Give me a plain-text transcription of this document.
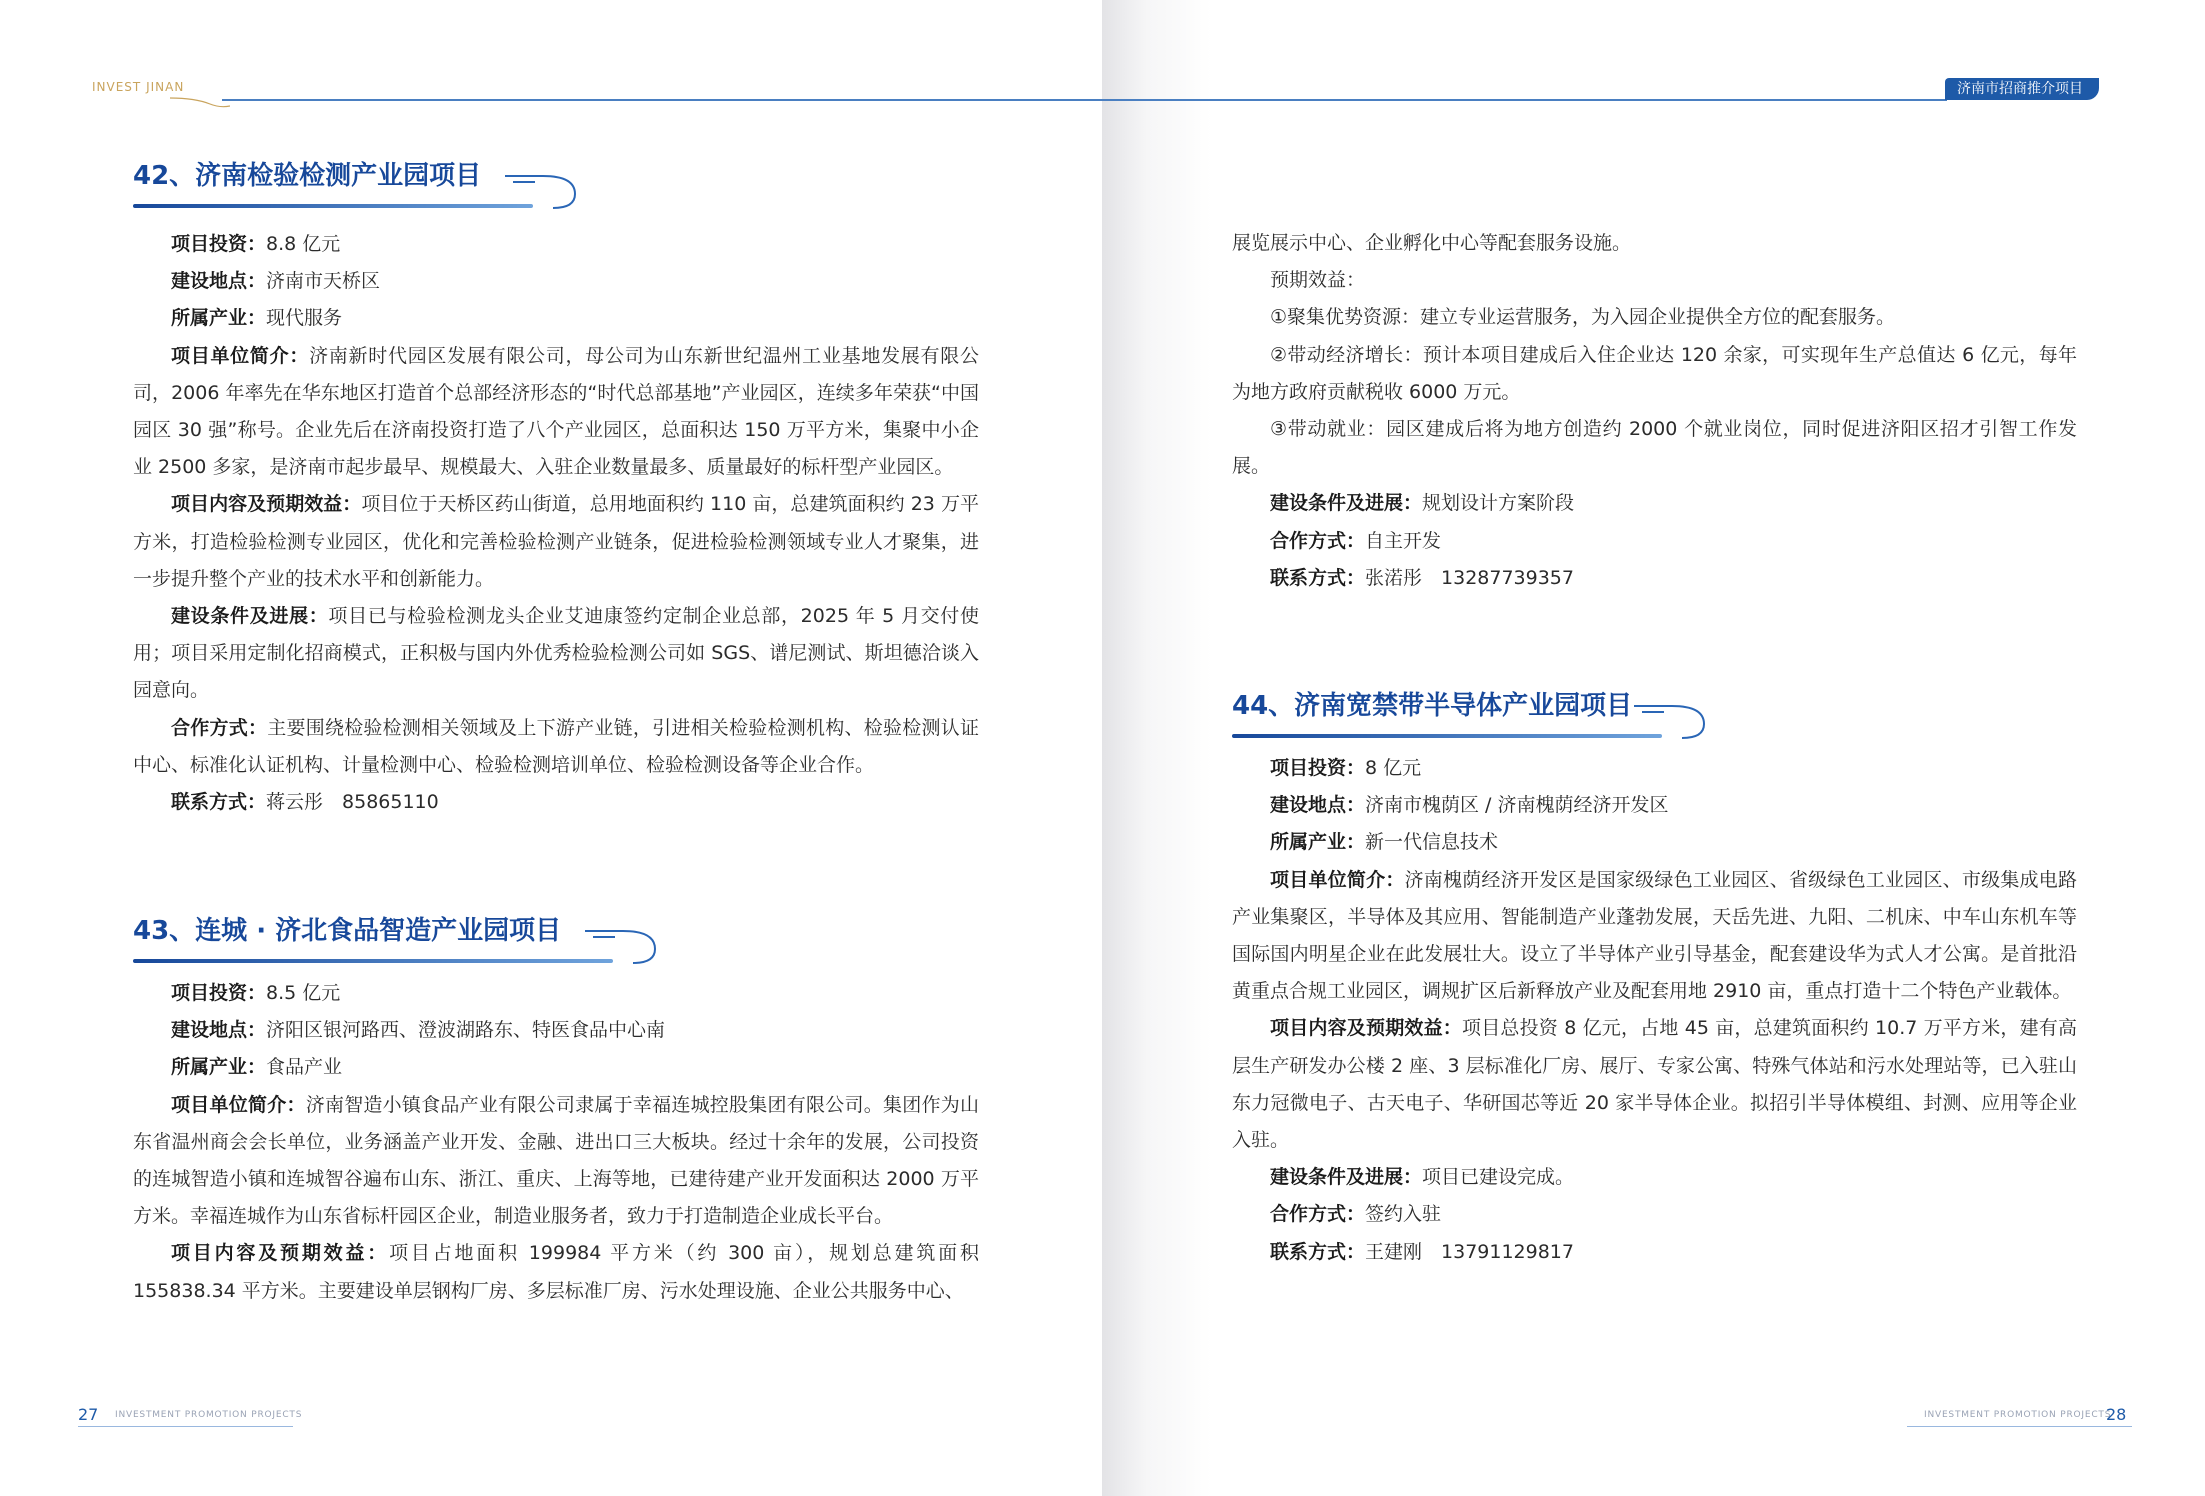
INVEST JINAN
42、济南检验检测产业园项目

项目投资：8.8 亿元

建设地点：济南市天桥区

所属产业：现代服务

项目单位简介：济南新时代园区发展有限公司，母公司为山东新世纪温州工业基地发展有限公司，2006 年率先在华东地区打造首个总部经济形态的“时代总部基地”产业园区，连续多年荣获“中国园区 30 强”称号。企业先后在济南投资打造了八个产业园区，总面积达 150 万平方米，集聚中小企业 2500 多家，是济南市起步最早、规模最大、入驻企业数量最多、质量最好的标杆型产业园区。

项目内容及预期效益：项目位于天桥区药山街道，总用地面积约 110 亩，总建筑面积约 23 万平方米，打造检验检测专业园区，优化和完善检验检测产业链条，促进检验检测领域专业人才聚集，进一步提升整个产业的技术水平和创新能力。

建设条件及进展：项目已与检验检测龙头企业艾迪康签约定制企业总部，2025 年 5 月交付使用；项目采用定制化招商模式，正积极与国内外优秀检验检测公司如 SGS、谱尼测试、斯坦德洽谈入园意向。

合作方式：主要围绕检验检测相关领域及上下游产业链，引进相关检验检测机构、检验检测认证中心、标准化认证机构、计量检测中心、检验检测培训单位、检验检测设备等企业合作。

联系方式：蒋云彤　85865110

43、连城 · 济北食品智造产业园项目

项目投资：8.5 亿元

建设地点：济阳区银河路西、澄波湖路东、特医食品中心南

所属产业：食品产业

项目单位简介：济南智造小镇食品产业有限公司隶属于幸福连城控股集团有限公司。集团作为山东省温州商会会长单位，业务涵盖产业开发、金融、进出口三大板块。经过十余年的发展，公司投资的连城智造小镇和连城智谷遍布山东、浙江、重庆、上海等地，已建待建产业开发面积达 2000 万平方米。幸福连城作为山东省标杆园区企业，制造业服务者，致力于打造制造企业成长平台。

项目内容及预期效益：项目占地面积 199984 平方米（约 300 亩），规划总建筑面积 155838.34 平方米。主要建设单层钢构厂房、多层标准厂房、污水处理设施、企业公共服务中心、

27 INVESTMENT PROMOTION PROJECTS
济南市招商推介项目

展览展示中心、企业孵化中心等配套服务设施。

预期效益：

①聚集优势资源：建立专业运营服务，为入园企业提供全方位的配套服务。

②带动经济增长：预计本项目建成后入住企业达 120 余家，可实现年生产总值达 6 亿元，每年为地方政府贡献税收 6000 万元。

③带动就业：园区建成后将为地方创造约 2000 个就业岗位，同时促进济阳区招才引智工作发展。

建设条件及进展：规划设计方案阶段

合作方式：自主开发

联系方式：张渃彤　13287739357

44、济南宽禁带半导体产业园项目

项目投资：8 亿元

建设地点：济南市槐荫区 / 济南槐荫经济开发区

所属产业：新一代信息技术

项目单位简介：济南槐荫经济开发区是国家级绿色工业园区、省级绿色工业园区、市级集成电路产业集聚区，半导体及其应用、智能制造产业蓬勃发展，天岳先进、九阳、二机床、中车山东机车等国际国内明星企业在此发展壮大。设立了半导体产业引导基金，配套建设华为式人才公寓。是首批沿黄重点合规工业园区，调规扩区后新释放产业及配套用地 2910 亩，重点打造十二个特色产业载体。

项目内容及预期效益：项目总投资 8 亿元，占地 45 亩，总建筑面积约 10.7 万平方米，建有高层生产研发办公楼 2 座、3 层标准化厂房、展厅、专家公寓、特殊气体站和污水处理站等，已入驻山东力冠微电子、古天电子、华研国芯等近 20 家半导体企业。拟招引半导体模组、封测、应用等企业入驻。

建设条件及进展：项目已建设完成。

合作方式：签约入驻

联系方式：王建刚　13791129817

INVESTMENT PROMOTION PROJECTS
28
